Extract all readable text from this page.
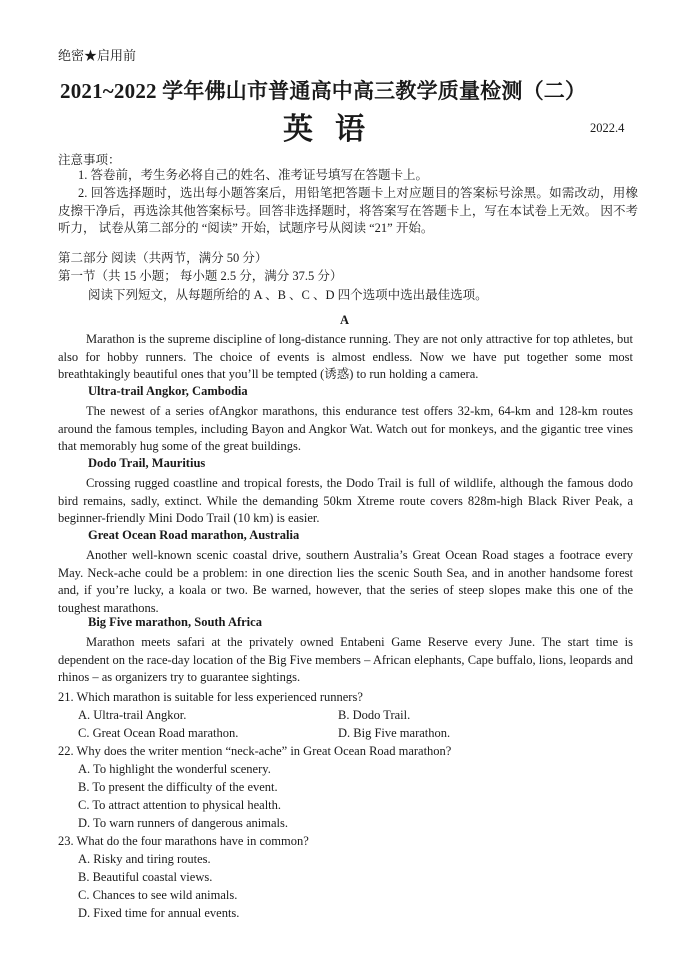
绝密★启用前
2021~2022 学年佛山市普通高中高三教学质量检测（二）
英语	2022.4
注意事项：
1. 答卷前，考生务必将自己的姓名、准考证号填写在答题卡上。
2. 回答选择题时，选出每小题答案后，用铅笔把答题卡上对应题目的答案标号涂黑。如需改动，用橡皮擦干净后，再选涂其他答案标号。回答非选择题时，将答案写在答题卡上，写在本试卷上无效。 因不考听力， 试卷从第二部分的 “阅读” 开始，试题序号从阅读 “21” 开始。
第二部分 阅读（共两节，满分 50 分）
第一节（共 15 小题； 每小题 2.5 分，满分 37.5 分）
阅读下列短文，从每题所给的 A 、B 、C 、D 四个选项中选出最佳选项。
A
Marathon is the supreme discipline of long-distance running. They are not only attractive for top athletes, but also for hobby runners. The choice of events is almost endless. Now we have put together some most breathtakingly beautiful ones that you’ll be tempted (诱惑) to run holding a camera.
Ultra-trail Angkor, Cambodia
The newest of a series ofAngkor marathons, this endurance test offers 32-km, 64-km and 128-km routes around the famous temples, including Bayon and Angkor Wat. Watch out for monkeys, and the gigantic tree vines that memorably hug some of the great buildings.
Dodo Trail, Mauritius
Crossing rugged coastline and tropical forests, the Dodo Trail is full of wildlife, although the famous dodo bird remains, sadly, extinct. While the demanding 50km Xtreme route covers 828m-high Black River Peak, a beginner-friendly Mini Dodo Trail (10 km) is easier.
Great Ocean Road marathon, Australia
Another well-known scenic coastal drive, southern Australia’s Great Ocean Road stages a footrace every May. Neck-ache could be a problem: in one direction lies the scenic South Sea, and in another handsome forest and, if you’re lucky, a koala or two. Be warned, however, that the series of steep slopes make this one of the toughest marathons.
Big Five marathon, South Africa
Marathon meets safari at the privately owned Entabeni Game Reserve every June. The start time is dependent on the race-day location of the Big Five members – African elephants, Cape buffalo, lions, leopards and rhinos – as organizers try to guarantee sightings.
21. Which marathon is suitable for less experienced runners?
A. Ultra-trail Angkor.	B. Dodo Trail.
C. Great Ocean Road marathon.	D. Big Five marathon.
22. Why does the writer mention “neck-ache” in Great Ocean Road marathon?
A. To highlight the wonderful scenery.
B. To present the difficulty of the event.
C. To attract attention to physical health.
D. To warn runners of dangerous animals.
23. What do the four marathons have in common?
A. Risky and tiring routes.
B. Beautiful coastal views.
C. Chances to see wild animals.
D. Fixed time for annual events.
